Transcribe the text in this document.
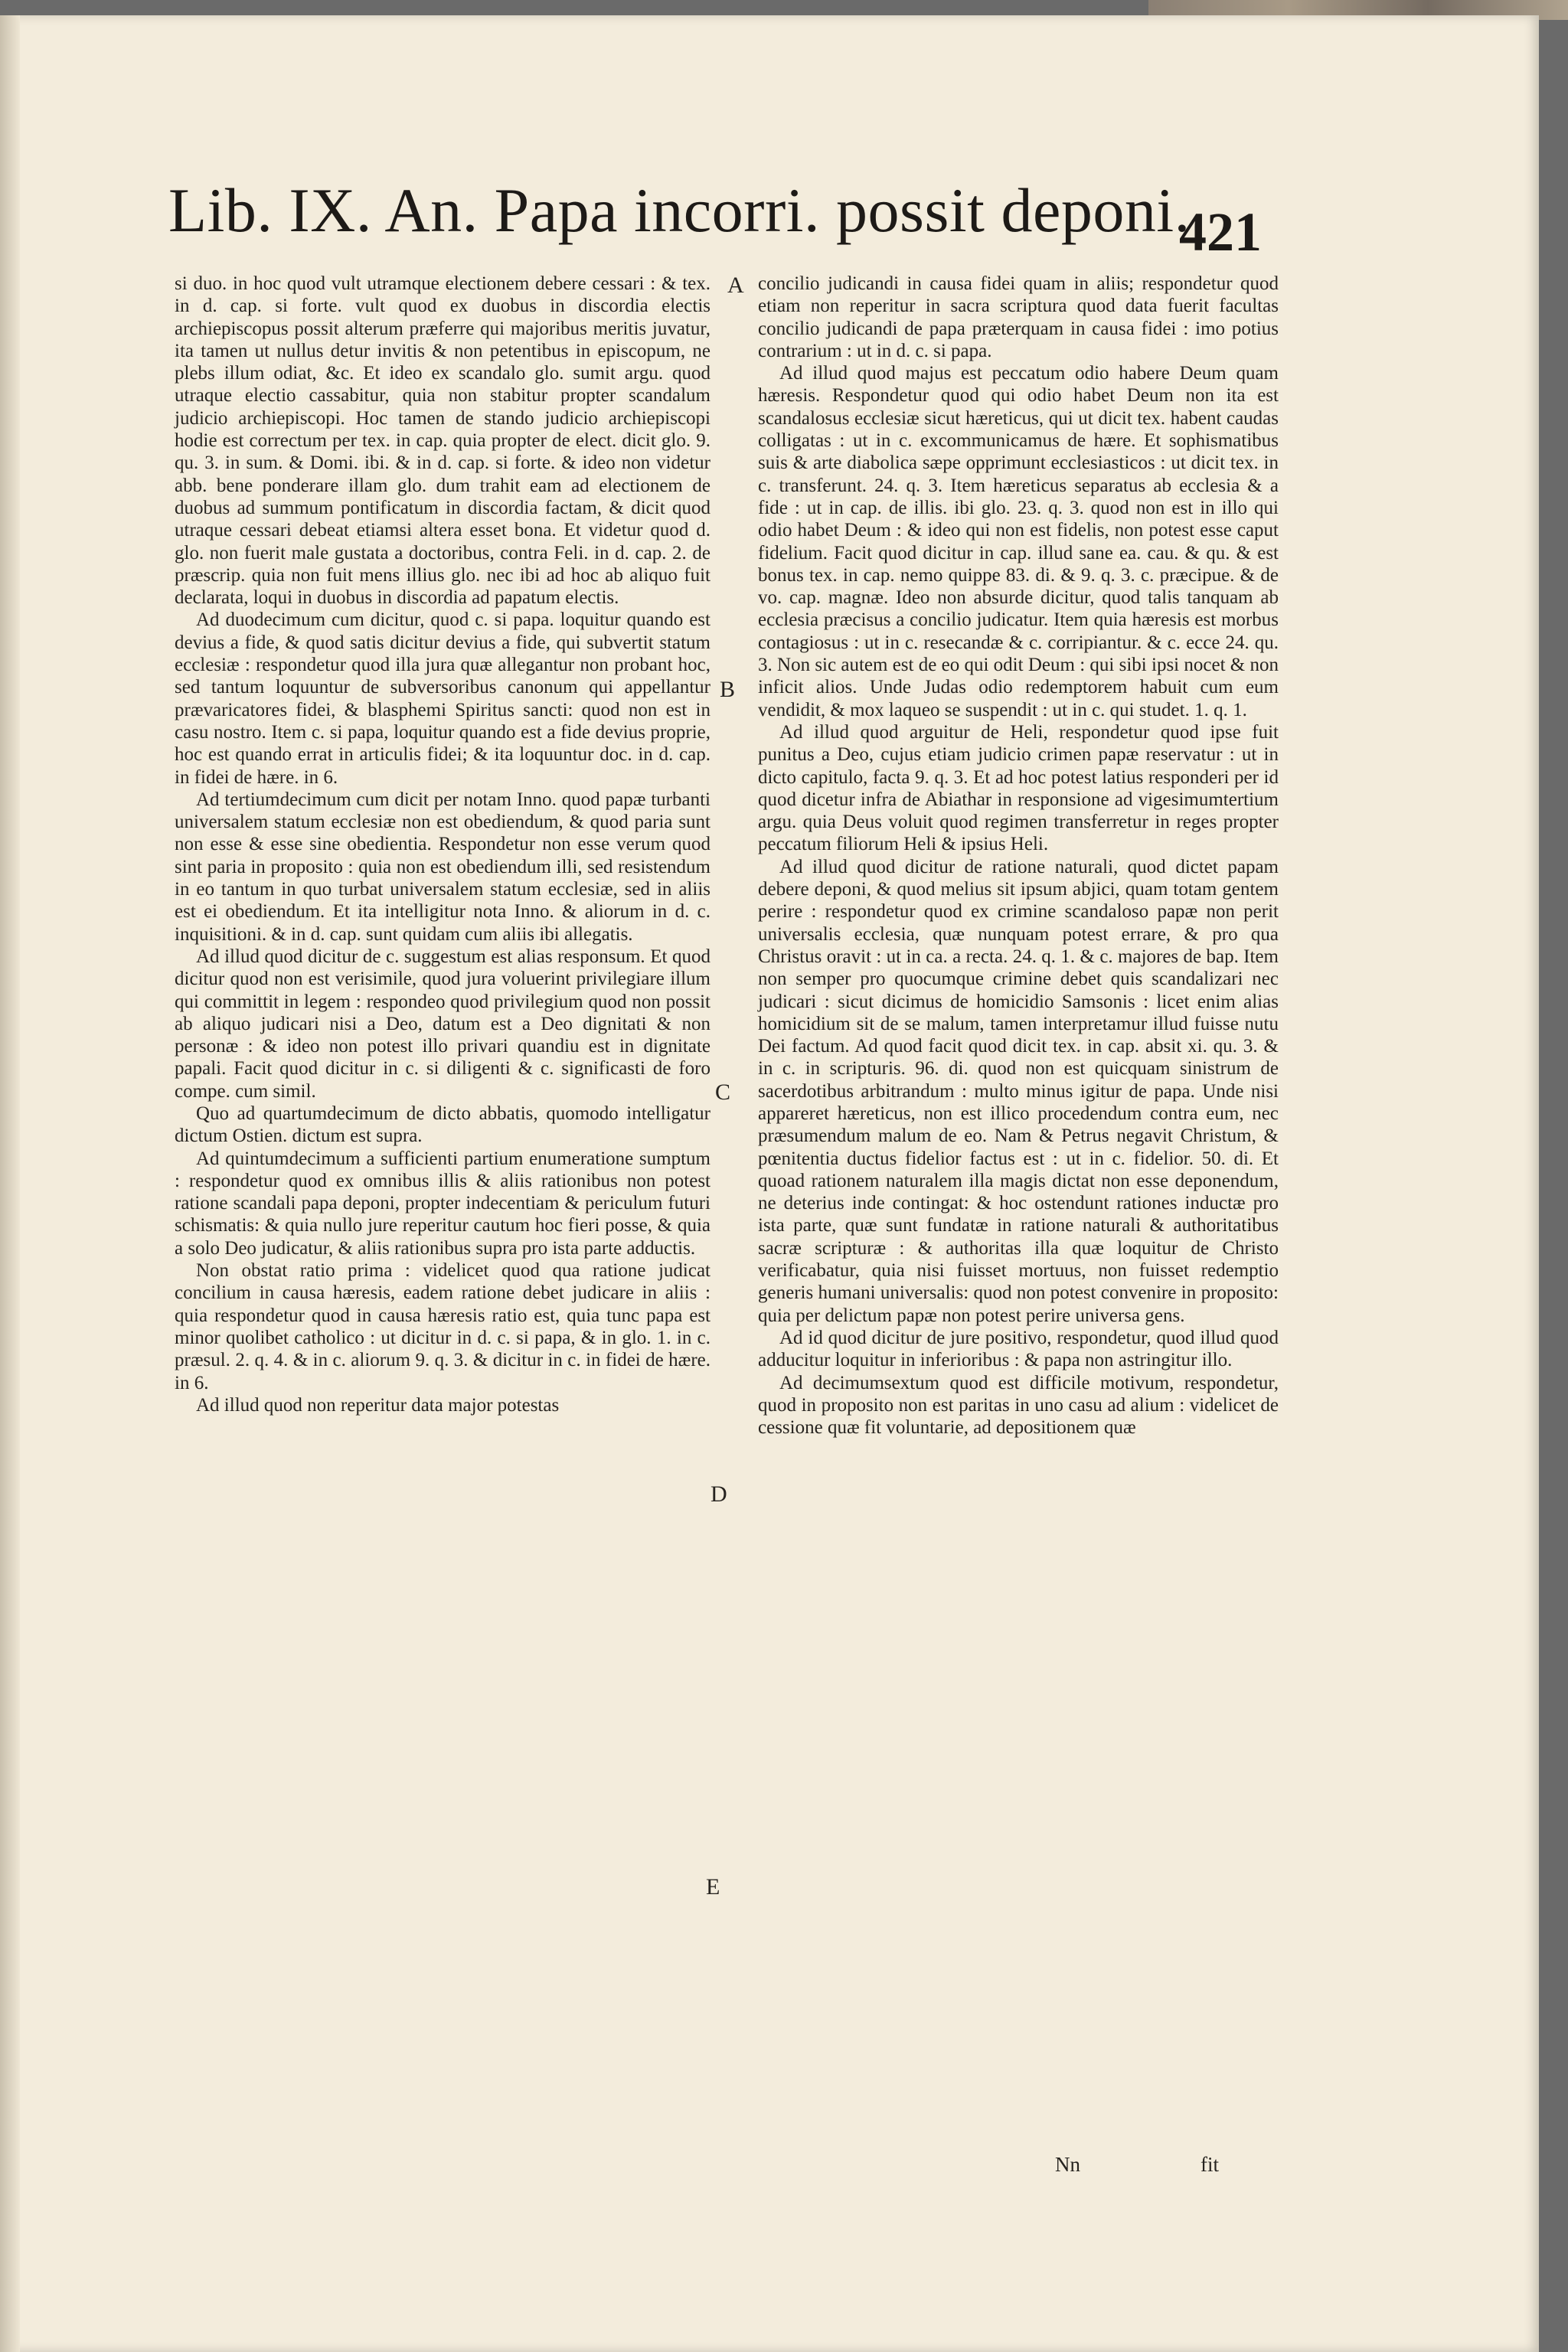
Lib. IX. An. Papa incorri. possit deponi.
421

si duo. in hoc quod vult utramque electionem debere cessari : & tex. in d. cap. si forte. vult quod ex duobus in discordia electis archiepiscopus possit alterum præferre qui majoribus meritis juvatur, ita tamen ut nullus detur invitis & non petentibus in episcopum, ne plebs illum odiat, &c. Et ideo ex scandalo glo. sumit argu. quod utraque electio cassabitur, quia non stabitur propter scandalum judicio archiepiscopi. Hoc tamen de stando judicio archiepiscopi hodie est correctum per tex. in cap. quia propter de elect. dicit glo. 9. qu. 3. in sum. & Domi. ibi. & in d. cap. si forte. & ideo non videtur abb. bene ponderare illam glo. dum trahit eam ad electionem de duobus ad summum pontificatum in discordia factam, & dicit quod utraque cessari debeat etiamsi altera esset bona. Et videtur quod d. glo. non fuerit male gustata a doctoribus, contra Feli. in d. cap. 2. de præscrip. quia non fuit mens illius glo. nec ibi ad hoc ab aliquo fuit declarata, loqui in duobus in discordia ad papatum electis.

Ad duodecimum cum dicitur, quod c. si papa. loquitur quando est devius a fide, & quod satis dicitur devius a fide, qui subvertit statum ecclesiæ : respondetur quod illa jura quæ allegantur non probant hoc, sed tantum loquuntur de subversoribus canonum qui appellantur prævaricatores fidei, & blasphemi Spiritus sancti: quod non est in casu nostro. Item c. si papa, loquitur quando est a fide devius proprie, hoc est quando errat in articulis fidei; & ita loquuntur doc. in d. cap. in fidei de hære. in 6.

Ad tertiumdecimum cum dicit per notam Inno. quod papæ turbanti universalem statum ecclesiæ non est obediendum, & quod paria sunt non esse & esse sine obedientia. Respondetur non esse verum quod sint paria in proposito : quia non est obediendum illi, sed resistendum in eo tantum in quo turbat universalem statum ecclesiæ, sed in aliis est ei obediendum. Et ita intelligitur nota Inno. & aliorum in d. c. inquisitioni. & in d. cap. sunt quidam cum aliis ibi allegatis.

Ad illud quod dicitur de c. suggestum est alias responsum. Et quod dicitur quod non est verisimile, quod jura voluerint privilegiare illum qui committit in legem : respondeo quod privilegium quod non possit ab aliquo judicari nisi a Deo, datum est a Deo dignitati & non personæ : & ideo non potest illo privari quandiu est in dignitate papali. Facit quod dicitur in c. si diligenti & c. significasti de foro compe. cum simil.

Quo ad quartumdecimum de dicto abbatis, quomodo intelligatur dictum Ostien. dictum est supra.

Ad quintumdecimum a sufficienti partium enumeratione sumptum : respondetur quod ex omnibus illis & aliis rationibus non potest ratione scandali papa deponi, propter indecentiam & periculum futuri schismatis: & quia nullo jure reperitur cautum hoc fieri posse, & quia a solo Deo judicatur, & aliis rationibus supra pro ista parte adductis.

Non obstat ratio prima : videlicet quod qua ratione judicat concilium in causa hæresis, eadem ratione debet judicare in aliis : quia respondetur quod in causa hæresis ratio est, quia tunc papa est minor quolibet catholico : ut dicitur in d. c. si papa, & in glo. 1. in c. præsul. 2. q. 4. & in c. aliorum 9. q. 3. & dicitur in c. in fidei de hære. in 6.

Ad illud quod non reperitur data major potestas

A
B
C
D
E

concilio judicandi in causa fidei quam in aliis; respondetur quod etiam non reperitur in sacra scriptura quod data fuerit facultas concilio judicandi de papa præterquam in causa fidei : imo potius contrarium : ut in d. c. si papa.

Ad illud quod majus est peccatum odio habere Deum quam hæresis. Respondetur quod qui odio habet Deum non ita est scandalosus ecclesiæ sicut hæreticus, qui ut dicit tex. habent caudas colligatas : ut in c. excommunicamus de hære. Et sophismatibus suis & arte diabolica sæpe opprimunt ecclesiasticos : ut dicit tex. in c. transferunt. 24. q. 3. Item hæreticus separatus ab ecclesia & a fide : ut in cap. de illis. ibi glo. 23. q. 3. quod non est in illo qui odio habet Deum : & ideo qui non est fidelis, non potest esse caput fidelium. Facit quod dicitur in cap. illud sane ea. cau. & qu. & est bonus tex. in cap. nemo quippe 83. di. & 9. q. 3. c. præcipue. & de vo. cap. magnæ. Ideo non absurde dicitur, quod talis tanquam ab ecclesia præcisus a concilio judicatur. Item quia hæresis est morbus contagiosus : ut in c. resecandæ & c. corripiantur. & c. ecce 24. qu. 3. Non sic autem est de eo qui odit Deum : qui sibi ipsi nocet & non inficit alios. Unde Judas odio redemptorem habuit cum eum vendidit, & mox laqueo se suspendit : ut in c. qui studet. 1. q. 1.

Ad illud quod arguitur de Heli, respondetur quod ipse fuit punitus a Deo, cujus etiam judicio crimen papæ reservatur : ut in dicto capitulo, facta 9. q. 3. Et ad hoc potest latius responderi per id quod dicetur infra de Abiathar in responsione ad vigesimumtertium argu. quia Deus voluit quod regimen transferretur in reges propter peccatum filiorum Heli & ipsius Heli.

Ad illud quod dicitur de ratione naturali, quod dictet papam debere deponi, & quod melius sit ipsum abjici, quam totam gentem perire : respondetur quod ex crimine scandaloso papæ non perit universalis ecclesia, quæ nunquam potest errare, & pro qua Christus oravit : ut in ca. a recta. 24. q. 1. & c. majores de bap. Item non semper pro quocumque crimine debet quis scandalizari nec judicari : sicut dicimus de homicidio Samsonis : licet enim alias homicidium sit de se malum, tamen interpretamur illud fuisse nutu Dei factum. Ad quod facit quod dicit tex. in cap. absit xi. qu. 3. & in c. in scripturis. 96. di. quod non est quicquam sinistrum de sacerdotibus arbitrandum : multo minus igitur de papa. Unde nisi appareret hæreticus, non est illico procedendum contra eum, nec præsumendum malum de eo. Nam & Petrus negavit Christum, & pœnitentia ductus fidelior factus est : ut in c. fidelior. 50. di. Et quoad rationem naturalem illa magis dictat non esse deponendum, ne deterius inde contingat: & hoc ostendunt rationes inductæ pro ista parte, quæ sunt fundatæ in ratione naturali & authoritatibus sacræ scripturæ : & authoritas illa quæ loquitur de Christo verificabatur, quia nisi fuisset mortuus, non fuisset redemptio generis humani universalis: quod non potest convenire in proposito: quia per delictum papæ non potest perire universa gens.

Ad id quod dicitur de jure positivo, respondetur, quod illud quod adducitur loquitur in inferioribus : & papa non astringitur illo.

Ad decimumsextum quod est difficile motivum, respondetur, quod in proposito non est paritas in uno casu ad alium : videlicet de cessione quæ fit voluntarie, ad depositionem quæ

Nn	fit
